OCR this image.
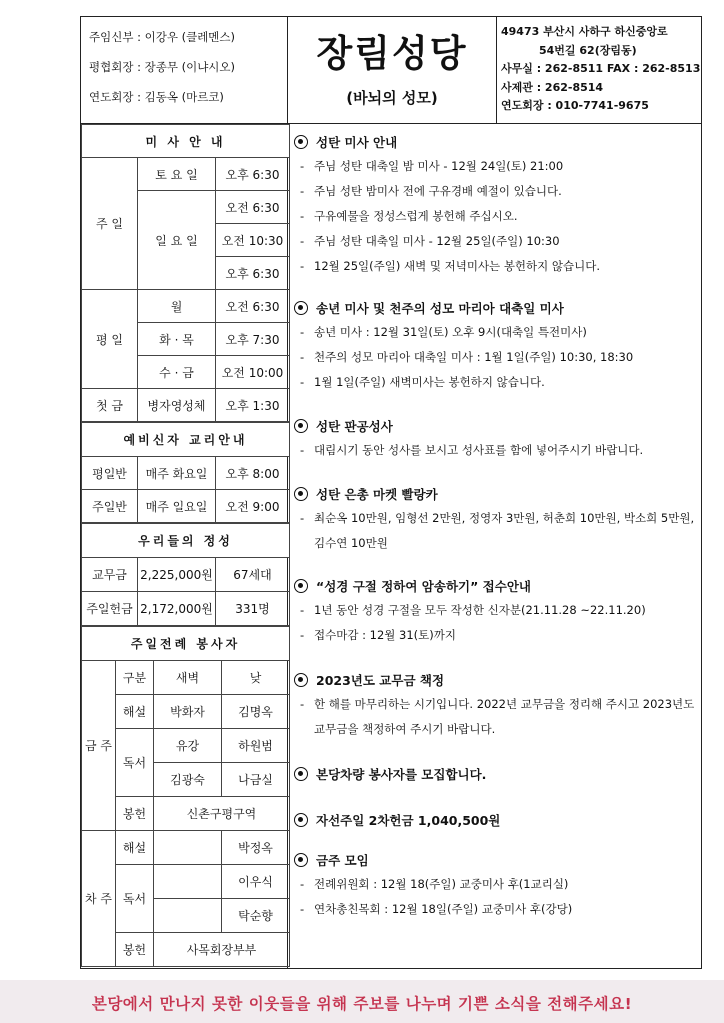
주임신부 : 이강우 (클레멘스)
평협회장 : 장종무 (이냐시오)
연도회장 : 김동옥 (마르코)
장림성당
(바뇌의 성모)
49473 부산시 사하구 하신중앙로
54번길 62(장림동)
사무실 : 262-8511 FAX : 262-8513
사제관 : 262-8514
연도회장 : 010-7741-9675
미 사 안 내		
주 일	토 요 일	오후 6:30
	일 요 일	오전 6:30
		오전 10:30
		오후 6:30
평 일	월	오전 6:30
	화 · 목	오후 7:30
	수 · 금	오전 10:00
첫 금	병자영성체	오후 1:30
예비신자 교리안내		
평일반	매주 화요일	오후 8:00
주일반	매주 일요일	오전 9:00
우리들의 정성		
교무금	2,225,000원	67세대
주일헌금	2,172,000원	331명
주일전례 봉사자			
금 주	구분	새벽	낮
	해설	박화자	김명옥
	독서	유강	하원범
		김광숙	나금실
	봉헌	신촌구평구역	

차 주	해설		박정옥
	독서		이우식
			탁순향
	봉헌	사목회장부부	
성탄 미사 안내
- 주님 성탄 대축일 밤 미사 - 12월 24일(토) 21:00
- 주님 성탄 밤미사 전에 구유경배 예절이 있습니다.
- 구유예물을 정성스럽게 봉헌해 주십시오.
- 주님 성탄 대축일 미사 - 12월 25일(주일) 10:30
- 12월 25일(주일) 새벽 및 저녁미사는 봉헌하지 않습니다.
송년 미사 및 천주의 성모 마리아 대축일 미사
- 송년 미사 : 12월 31일(토) 오후 9시(대축일 특전미사)
- 천주의 성모 마리아 대축일 미사 : 1월 1일(주일) 10:30, 18:30
- 1월 1일(주일) 새벽미사는 봉헌하지 않습니다.
성탄 판공성사
- 대림시기 동안 성사를 보시고 성사표를 함에 넣어주시기 바랍니다.
성탄 은총 마켓 빨랑카
- 최순옥 10만원, 임형선 2만원, 정영자 3만원, 허춘희 10만원, 박소희 5만원, 김수연 10만원
“성경 구절 정하여 암송하기” 접수안내
- 1년 동안 성경 구절을 모두 작성한 신자분(21.11.28 ~22.11.20)
- 접수마감 : 12월 31(토)까지
2023년도 교무금 책정
- 한 해를 마무리하는 시기입니다. 2022년 교무금을 정리해 주시고 2023년도 교무금을 책정하여 주시기 바랍니다.
본당차량 봉사자를 모집합니다.
자선주일 2차헌금 1,040,500원
금주 모임
- 전례위원회 : 12월 18(주일) 교중미사 후(1교리실)
- 연차총친목회 : 12월 18일(주일) 교중미사 후(강당)
본당에서 만나지 못한 이웃들을 위해 주보를 나누며 기쁜 소식을 전해주세요!
